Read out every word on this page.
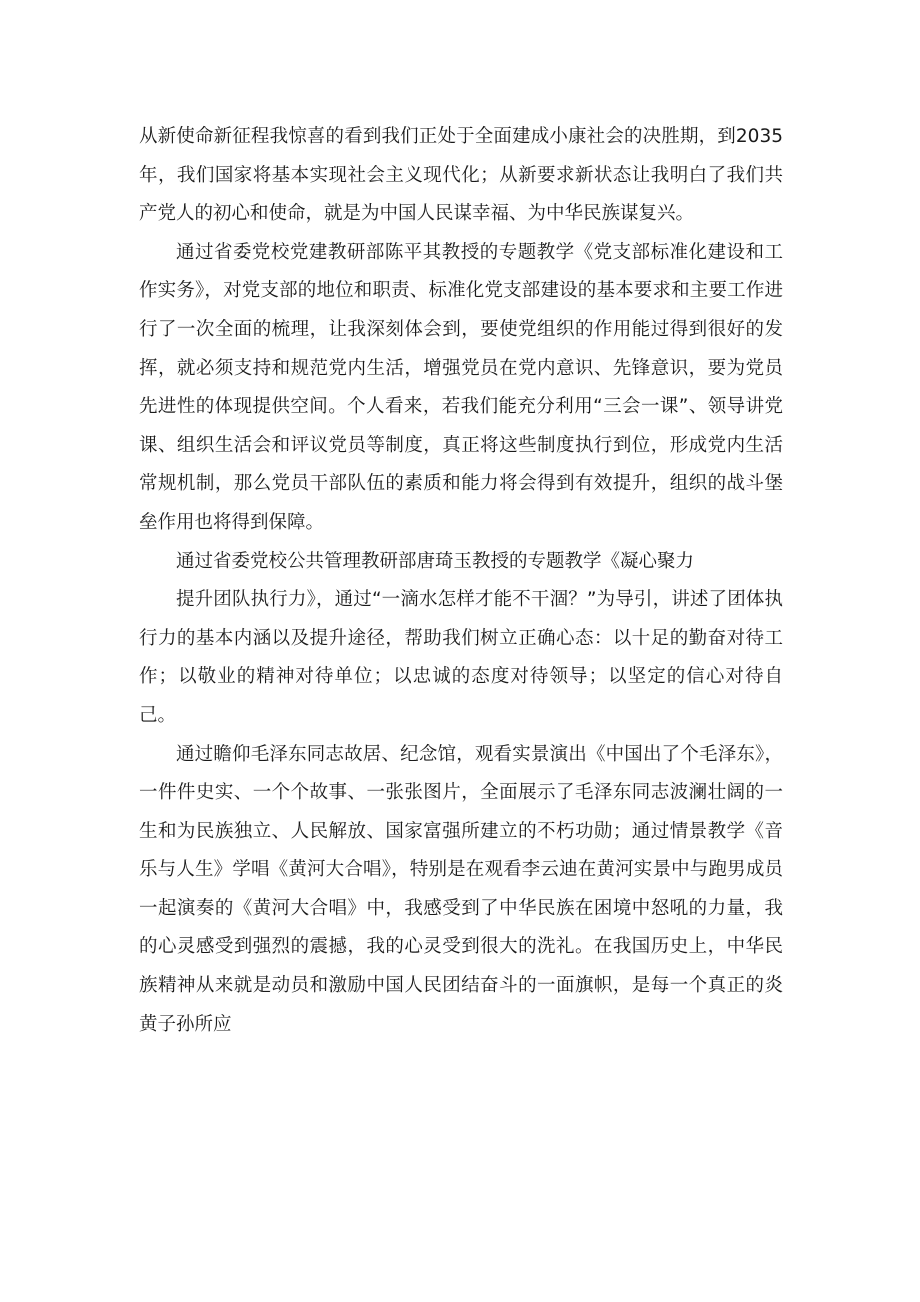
从新使命新征程我惊喜的看到我们正处于全面建成小康社会的决胜期，到2035年，我们国家将基本实现社会主义现代化；从新要求新状态让我明白了我们共产党人的初心和使命，就是为中国人民谋幸福、为中华民族谋复兴。

通过省委党校党建教研部陈平其教授的专题教学《党支部标准化建设和工作实务》，对党支部的地位和职责、标准化党支部建设的基本要求和主要工作进行了一次全面的梳理，让我深刻体会到，要使党组织的作用能过得到很好的发挥，就必须支持和规范党内生活，增强党员在党内意识、先锋意识，要为党员先进性的体现提供空间。个人看来，若我们能充分利用“三会一课”、领导讲党课、组织生活会和评议党员等制度，真正将这些制度执行到位，形成党内生活常规机制，那么党员干部队伍的素质和能力将会得到有效提升，组织的战斗堡垒作用也将得到保障。

通过省委党校公共管理教研部唐琦玉教授的专题教学《凝心聚力

提升团队执行力》，通过“一滴水怎样才能不干涸？”为导引，讲述了团体执行力的基本内涵以及提升途径，帮助我们树立正确心态：以十足的勤奋对待工作；以敬业的精神对待单位；以忠诚的态度对待领导；以坚定的信心对待自己。

通过瞻仰毛泽东同志故居、纪念馆，观看实景演出《中国出了个毛泽东》，一件件史实、一个个故事、一张张图片，全面展示了毛泽东同志波澜壮阔的一生和为民族独立、人民解放、国家富强所建立的不朽功勋；通过情景教学《音乐与人生》学唱《黄河大合唱》，特别是在观看李云迪在黄河实景中与跑男成员一起演奏的《黄河大合唱》中，我感受到了中华民族在困境中怒吼的力量，我的心灵感受到强烈的震撼，我的心灵受到很大的洗礼。在我国历史上，中华民族精神从来就是动员和激励中国人民团结奋斗的一面旗帜，是每一个真正的炎黄子孙所应
